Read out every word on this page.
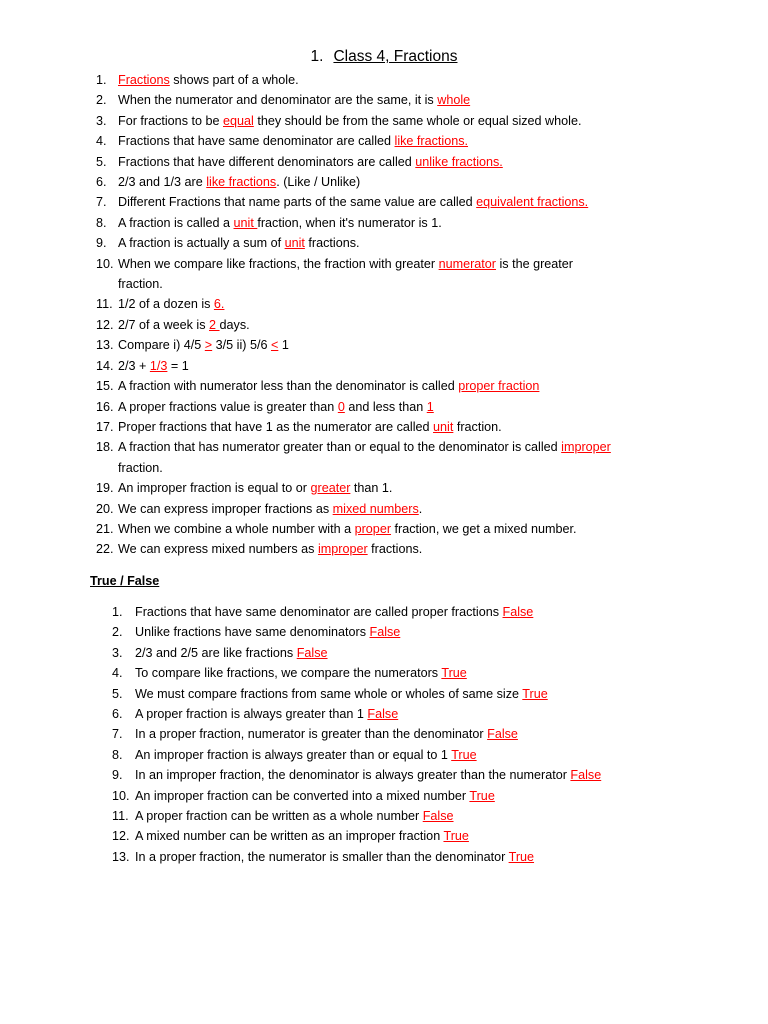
1. Class 4, Fractions
1. Fractions shows part of a whole.
2. When the numerator and denominator are the same, it is whole
3. For fractions to be equal they should be from the same whole or equal sized whole.
4. Fractions that have same denominator are called like fractions.
5. Fractions that have different denominators are called unlike fractions.
6. 2/3 and 1/3 are like fractions. (Like / Unlike)
7. Different Fractions that name parts of the same value are called equivalent fractions.
8. A fraction is called a unit fraction, when it's numerator is 1.
9. A fraction is actually a sum of unit fractions.
10. When we compare like fractions, the fraction with greater numerator is the greater
fraction.
11. 1/2 of a dozen is 6.
12. 2/7 of a week is 2 days.
13. Compare i) 4/5 > 3/5 ii) 5/6 < 1
14. 2/3 + 1/3 = 1
15. A fraction with numerator less than the denominator is called proper fraction
16. A proper fractions value is greater than 0 and less than 1
17. Proper fractions that have 1 as the numerator are called unit fraction.
18. A fraction that has numerator greater than or equal to the denominator is called improper
fraction.
19. An improper fraction is equal to or greater than 1.
20. We can express improper fractions as mixed numbers.
21. When we combine a whole number with a proper fraction, we get a mixed number.
22. We can express mixed numbers as improper fractions.
True / False
1. Fractions that have same denominator are called proper fractions False
2. Unlike fractions have same denominators False
3. 2/3 and 2/5 are like fractions False
4. To compare like fractions, we compare the numerators True
5. We must compare fractions from same whole or wholes of same size True
6. A proper fraction is always greater than 1 False
7. In a proper fraction, numerator is greater than the denominator False
8. An improper fraction is always greater than or equal to 1 True
9. In an improper fraction, the denominator is always greater than the numerator False
10. An improper fraction can be converted into a mixed number True
11. A proper fraction can be written as a whole number False
12. A mixed number can be written as an improper fraction True
13. In a proper fraction, the numerator is smaller than the denominator True
